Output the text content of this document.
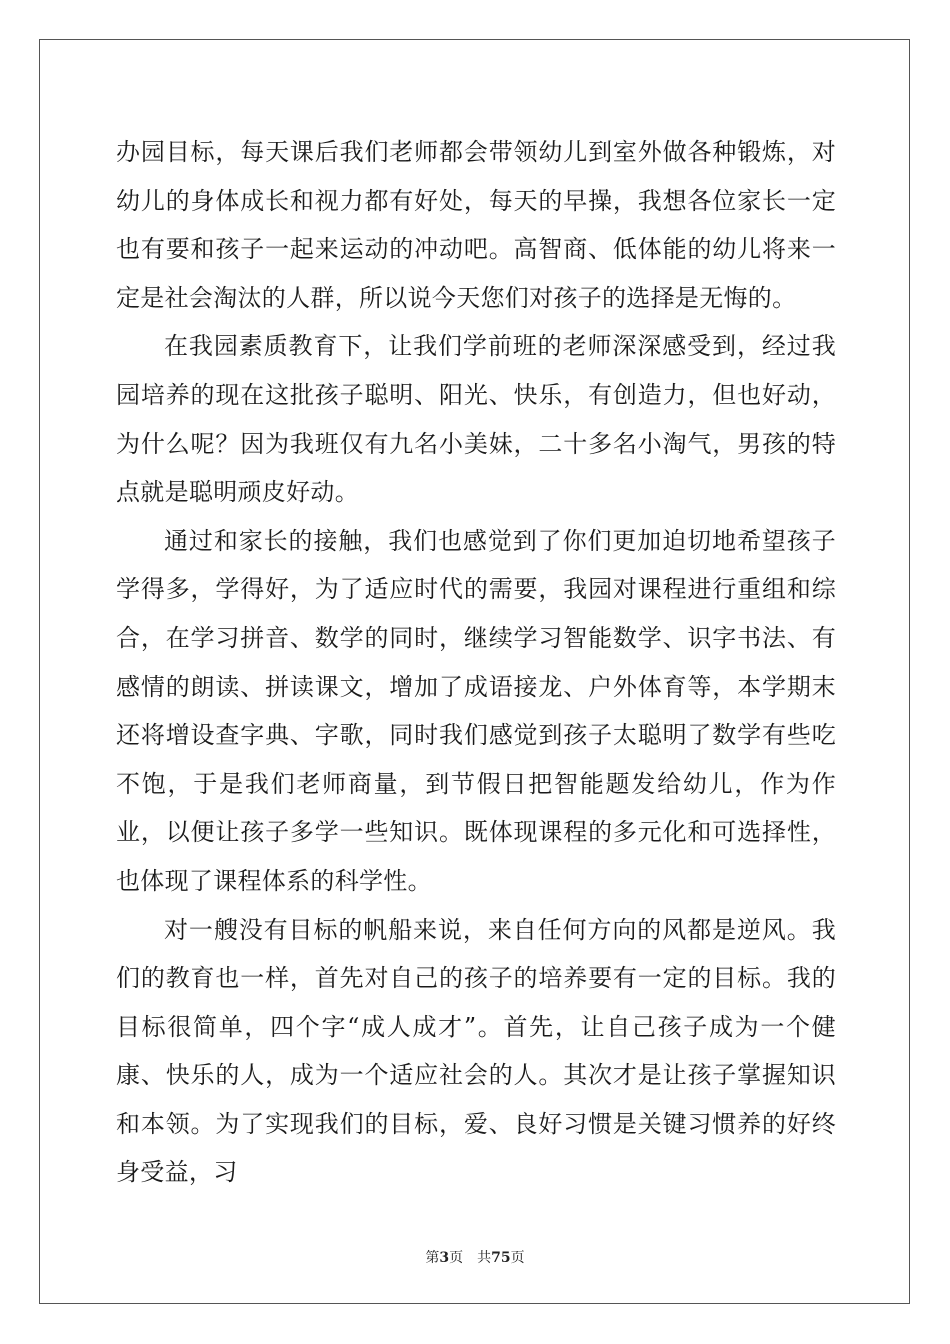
办园目标，每天课后我们老师都会带领幼儿到室外做各种锻炼，对幼儿的身体成长和视力都有好处，每天的早操，我想各位家长一定也有要和孩子一起来运动的冲动吧。高智商、低体能的幼儿将来一定是社会淘汰的人群，所以说今天您们对孩子的选择是无悔的。

在我园素质教育下，让我们学前班的老师深深感受到，经过我园培养的现在这批孩子聪明、阳光、快乐，有创造力，但也好动，为什么呢？因为我班仅有九名小美妹，二十多名小淘气，男孩的特点就是聪明顽皮好动。

通过和家长的接触，我们也感觉到了你们更加迫切地希望孩子学得多，学得好，为了适应时代的需要，我园对课程进行重组和综合，在学习拼音、数学的同时，继续学习智能数学、识字书法、有感情的朗读、拼读课文，增加了成语接龙、户外体育等，本学期末还将增设查字典、字歌，同时我们感觉到孩子太聪明了数学有些吃不饱，于是我们老师商量，到节假日把智能题发给幼儿，作为作业，以便让孩子多学一些知识。既体现课程的多元化和可选择性，也体现了课程体系的科学性。

对一艘没有目标的帆船来说，来自任何方向的风都是逆风。我们的教育也一样，首先对自己的孩子的培养要有一定的目标。我的目标很简单，四个字“成人成才”。首先，让自己孩子成为一个健康、快乐的人，成为一个适应社会的人。其次才是让孩子掌握知识和本领。为了实现我们的目标，爱、良好习惯是关键习惯养的好终身受益，习

第3页 共75页
